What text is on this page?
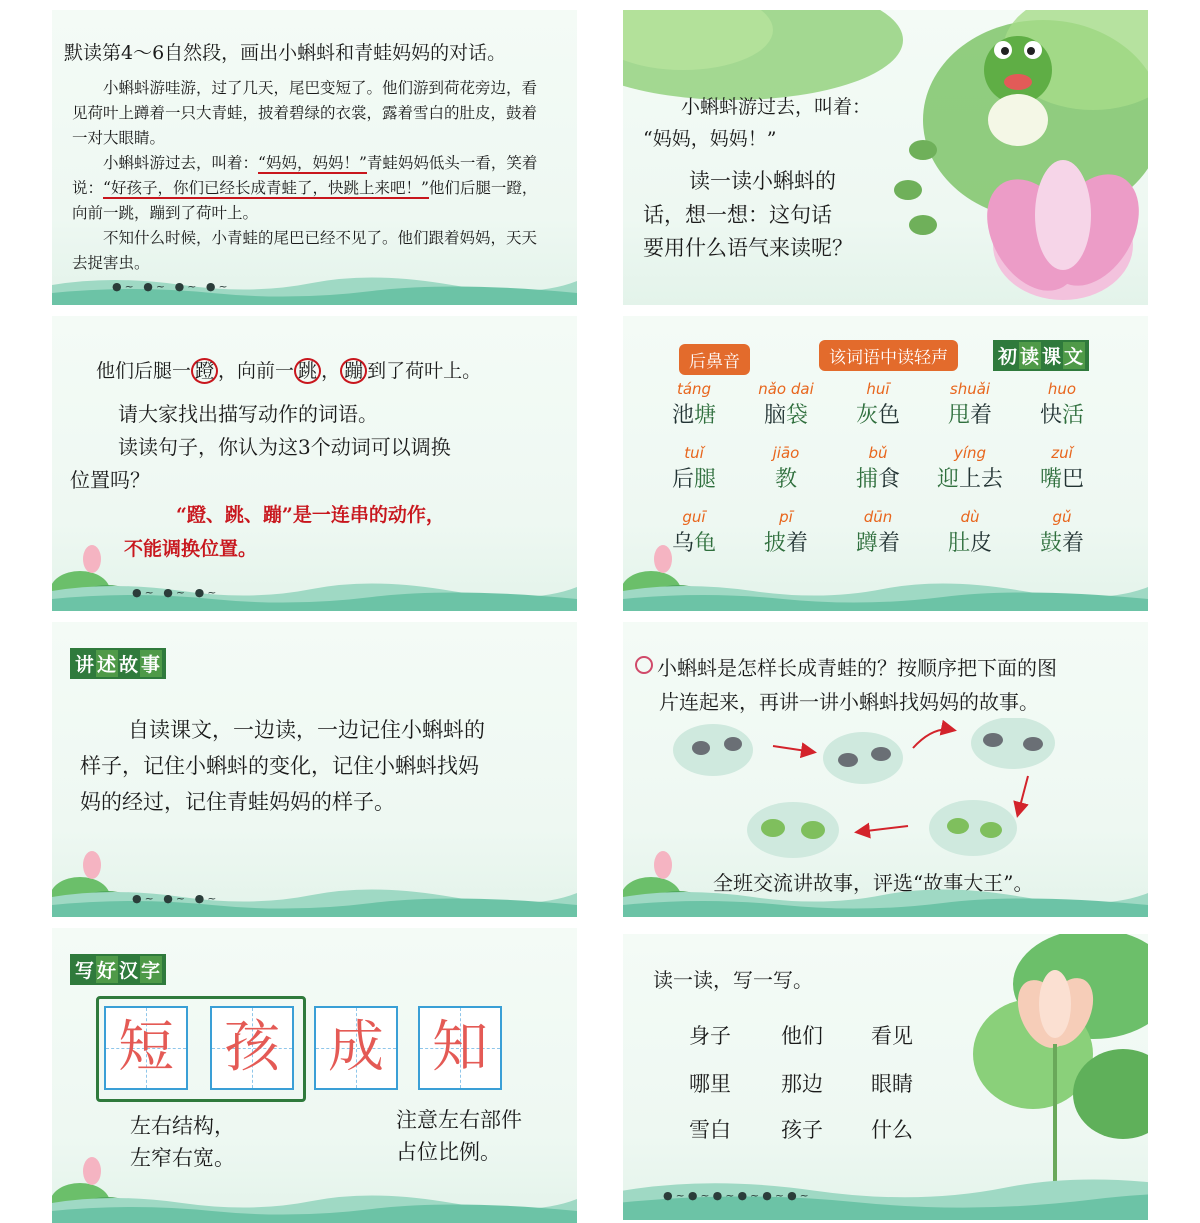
默读第4～6自然段，画出小蝌蚪和青蛙妈妈的对话。
小蝌蚪游哇游，过了几天，尾巴变短了。他们游到荷花旁边，看见荷叶上蹲着一只大青蛙，披着碧绿的衣裳，露着雪白的肚皮，鼓着一对大眼睛。
小蝌蚪游过去，叫着：“妈妈，妈妈！”青蛙妈妈低头一看，笑着说：“好孩子，你们已经长成青蛙了，快跳上来吧！”他们后腿一蹬，向前一跳，蹦到了荷叶上。
不知什么时候，小青蛙的尾巴已经不见了。他们跟着妈妈，天天去捉害虫。
●~ ●~ ●~ ●~
小蝌蚪游过去，叫着：
“妈妈，妈妈！”
读一读小蝌蚪的
话，想一想：这句话
要用什么语气来读呢？
他们后腿一 蹬 ，向前一 跳 ， 蹦 到了荷叶上。
请大家找出描写动作的词语。
读读句子，你认为这3个动词可以调换
位置吗？
“蹬、跳、蹦”是一连串的动作，
不能调换位置。
●~ ●~ ●~
后鼻音	该词语中读轻声	初 读 课 文
táng
池塘
nǎo dai
脑袋
huī
灰色
shuǎi
甩着
huo
快活
tuǐ
后腿
jiāo
教
bǔ
捕食
yíng
迎上去
zuǐ
嘴巴
guī
乌龟
pī
披着
dūn
蹲着
dù
肚皮
gǔ
鼓着
讲 述 故 事
自读课文，一边读，一边记住小蝌蚪的
样子，记住小蝌蚪的变化，记住小蝌蚪找妈
妈的经过，记住青蛙妈妈的样子。
●~ ●~ ●~
小蝌蚪是怎样长成青蛙的？按顺序把下面的图
片连起来，再讲一讲小蝌蚪找妈妈的故事。
全班交流讲故事，评选“故事大王”。
写 好 汉 字
短 孩 成 知
左右结构，
左窄右宽。
注意左右部件
占位比例。
读一读，写一写。
身子 他们 看见
哪里 那边 眼睛
雪白 孩子 什么
●~●~●~●~●~●~
